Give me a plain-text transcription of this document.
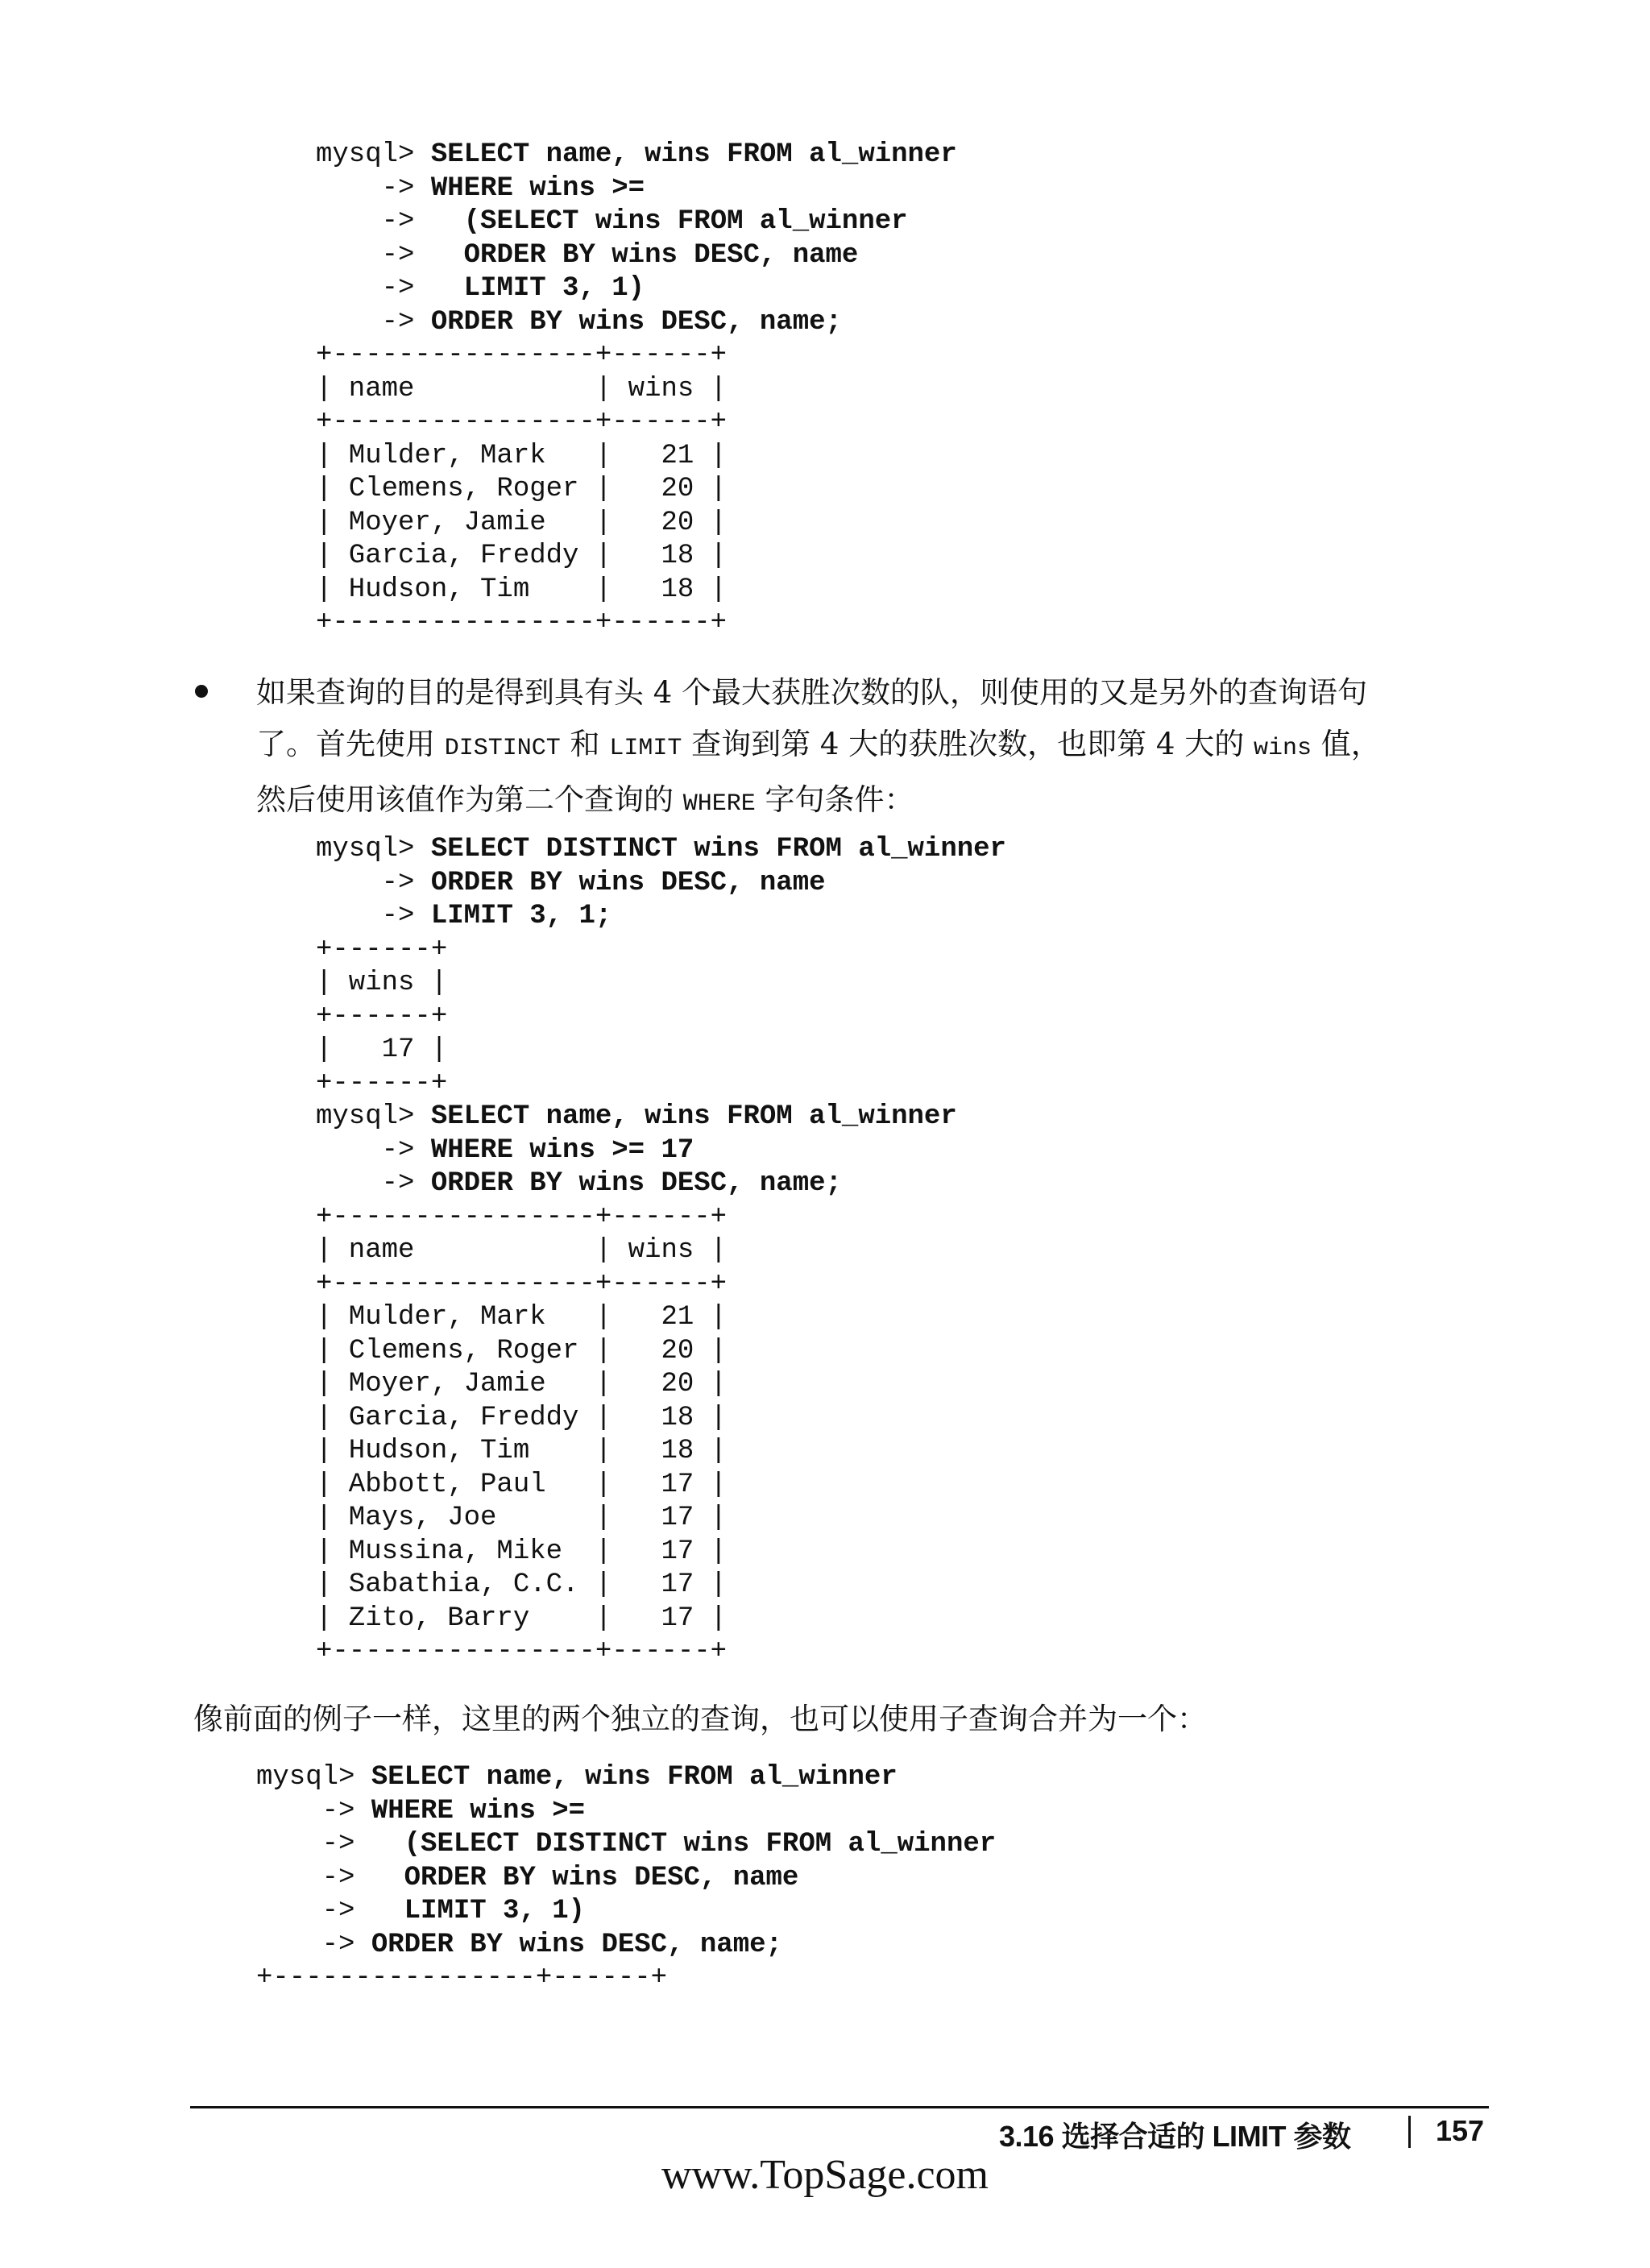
mysql> SELECT name, wins FROM al_winner
-> WHERE wins >=
->   (SELECT wins FROM al_winner
->   ORDER BY wins DESC, name
->   LIMIT 3, 1)
-> ORDER BY wins DESC, name;
+----------------+------+
| name           | wins |
+----------------+------+
| Mulder, Mark   |   21 |
| Clemens, Roger |   20 |
| Moyer, Jamie   |   20 |
| Garcia, Freddy |   18 |
| Hudson, Tim    |   18 |
+----------------+------+
如果查询的目的是得到具有头 4 个最大获胜次数的队，则使用的又是另外的查询语句
了。首先使用 DISTINCT 和 LIMIT 查询到第 4 大的获胜次数，也即第 4 大的 wins 值，
然后使用该值作为第二个查询的 WHERE 字句条件：
mysql> SELECT DISTINCT wins FROM al_winner
-> ORDER BY wins DESC, name
-> LIMIT 3, 1;
+------+
| wins |
+------+
|   17 |
+------+
mysql> SELECT name, wins FROM al_winner
-> WHERE wins >= 17
-> ORDER BY wins DESC, name;
+----------------+------+
| name           | wins |
+----------------+------+
| Mulder, Mark   |   21 |
| Clemens, Roger |   20 |
| Moyer, Jamie   |   20 |
| Garcia, Freddy |   18 |
| Hudson, Tim    |   18 |
| Abbott, Paul   |   17 |
| Mays, Joe      |   17 |
| Mussina, Mike  |   17 |
| Sabathia, C.C. |   17 |
| Zito, Barry    |   17 |
+----------------+------+
像前面的例子一样，这里的两个独立的查询，也可以使用子查询合并为一个：
mysql> SELECT name, wins FROM al_winner
-> WHERE wins >=
->   (SELECT DISTINCT wins FROM al_winner
->   ORDER BY wins DESC, name
->   LIMIT 3, 1)
-> ORDER BY wins DESC, name;
+----------------+------+
3.16 选择合适的 LIMIT 参数	157
www.TopSage.com
